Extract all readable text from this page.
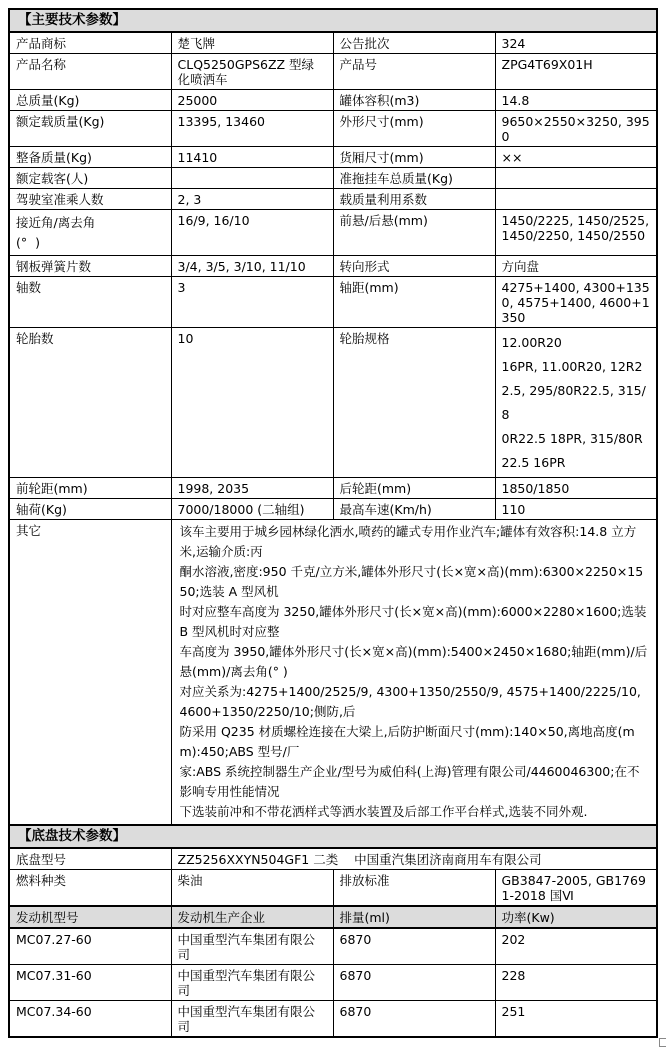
【主要技术参数】			
产品商标	楚飞牌	公告批次	324
产品名称	CLQ5250GPS6ZZ 型绿化喷洒车	产品号	ZPG4T69X01H
总质量(Kg)	25000	罐体容积(m3)	14.8
额定载质量(Kg)	13395, 13460	外形尺寸(mm)	9650×2550×3250, 3950
整备质量(Kg)	11410	货厢尺寸(mm)	××
额定载客(人)		准拖挂车总质量(Kg)	
驾驶室准乘人数	2, 3	载质量利用系数	

接近角/离去角
(°  )	16/9, 16/10	前悬/后悬(mm)	1450/2225, 1450/2525, 1450/2250, 1450/2550
钢板弹簧片数	3/4, 3/5, 3/10, 11/10	转向形式	方向盘
轴数	3	轴距(mm)	4275+1400, 4300+1350, 4575+1400, 4600+1350
轮胎数	10	轮胎规格	12.00R20
16PR, 11.00R20, 12R22.5, 295/80R22.5, 315/8
0R22.5 18PR, 315/80R22.5 16PR

前轮距(mm)	1998, 2035	后轮距(mm)	1850/1850
轴荷(Kg)	7000/18000 (二轴组)	最高车速(Km/h)	110
其它	该车主要用于城乡园林绿化洒水,喷药的罐式专用作业汽车;罐体有效容积:14.8 立方米,运输介质:丙
酮水溶液,密度:950 千克/立方米,罐体外形尺寸(长×宽×高)(mm):6300×2250×1550;选装 A 型风机
时对应整车高度为 3250,罐体外形尺寸(长×宽×高)(mm):6000×2280×1600;选装 B 型风机时对应整
车高度为 3950,罐体外形尺寸(长×宽×高)(mm):5400×2450×1680;轴距(mm)/后悬(mm)/离去角(° )
对应关系为:4275+1400/2525/9, 4300+1350/2550/9, 4575+1400/2225/10, 4600+1350/2250/10;侧防,后
防采用 Q235 材质螺栓连接在大梁上,后防护断面尺寸(mm):140×50,离地高度(mm):450;ABS 型号/厂
家:ABS 系统控制器生产企业/型号为威伯科(上海)管理有限公司/4460046300;在不影响专用性能情况
下选装前冲和不带花洒样式等洒水装置及后部工作平台样式,选装不同外观.
【底盘技术参数】			
底盘型号	ZZ5256XXYN504GF1 二类    中国重汽集团济南商用车有限公司		
燃料种类	柴油	排放标准	GB3847-2005, GB17691-2018 国Ⅵ
发动机型号	发动机生产企业	排量(ml)	功率(Kw)
MC07.27-60	中国重型汽车集团有限公司	6870	202
MC07.31-60	中国重型汽车集团有限公司	6870	228
MC07.34-60	中国重型汽车集团有限公司	6870	251
